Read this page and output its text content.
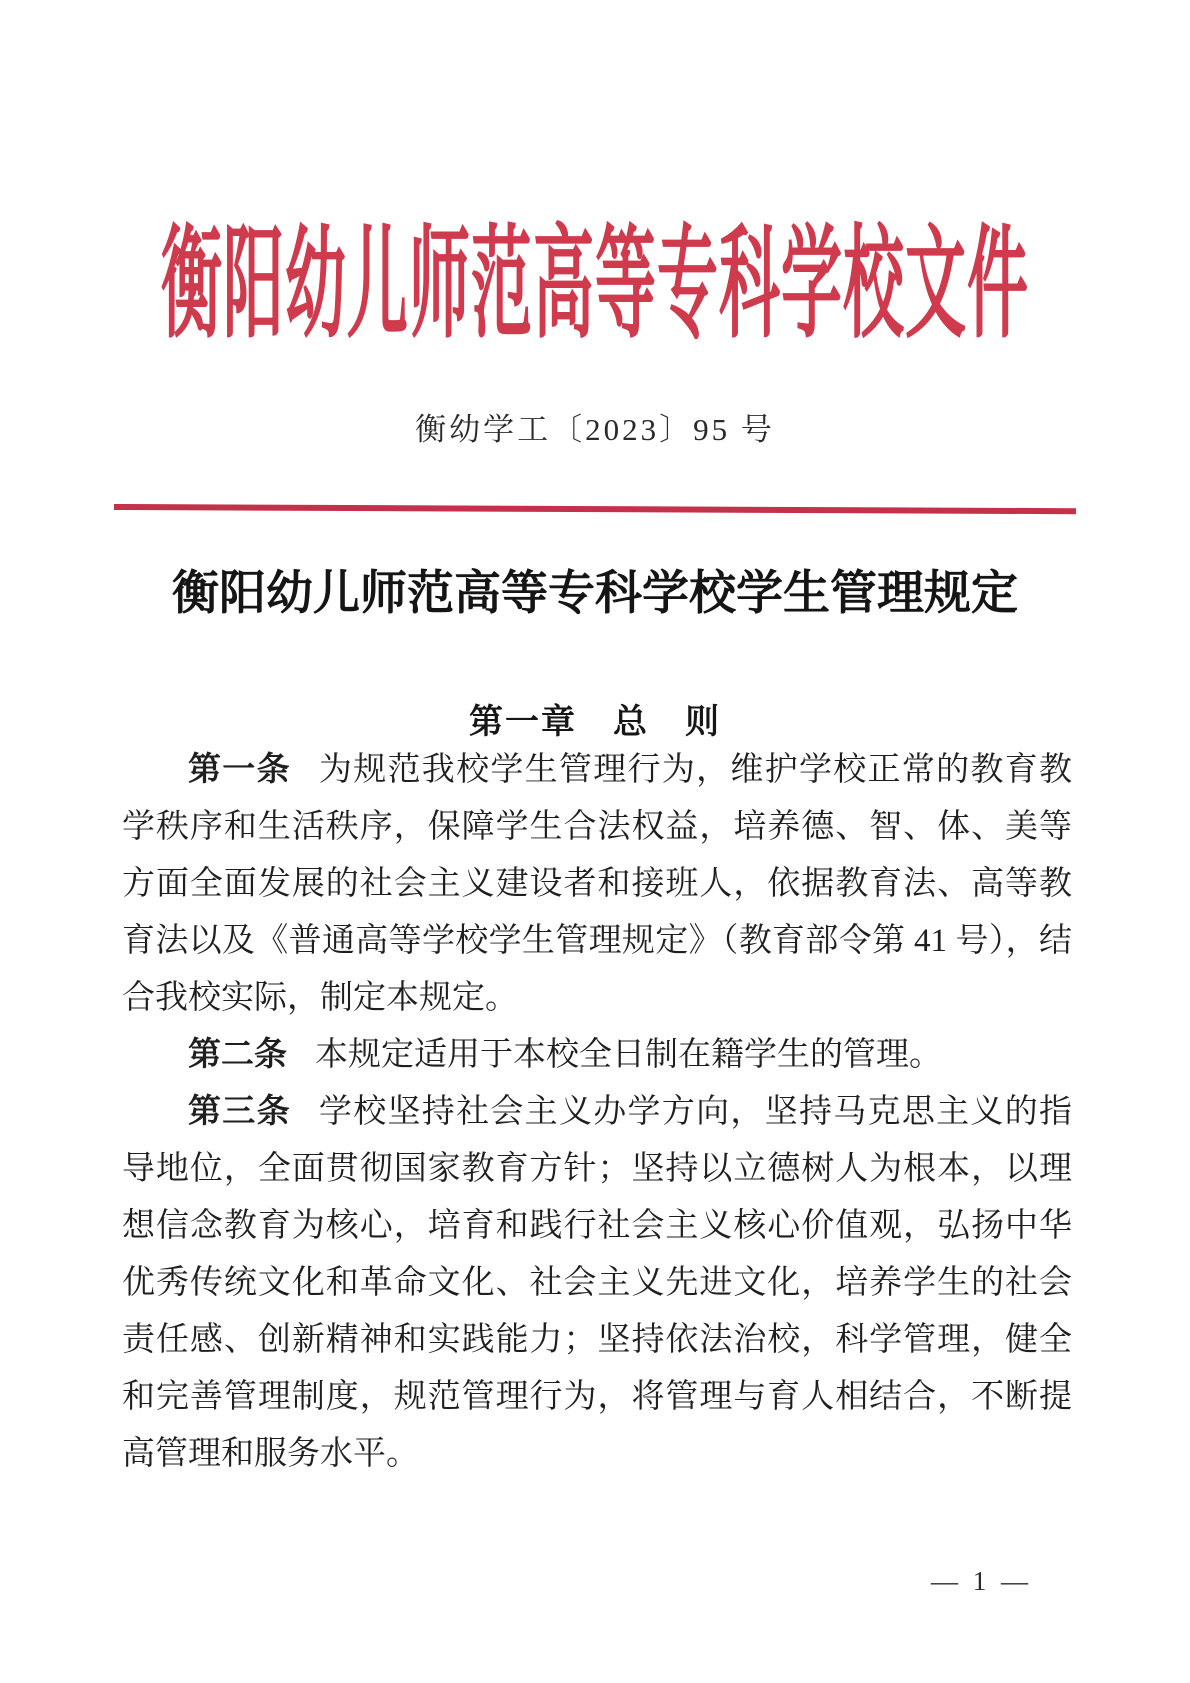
衡阳幼儿师范高等专科学校文件
衡幼学工〔2023〕95 号
衡阳幼儿师范高等专科学校学生管理规定
第一章　总　则

第一条 为规范我校学生管理行为，维护学校正常的教育教学秩序和生活秩序，保障学生合法权益，培养德、智、体、美等方面全面发展的社会主义建设者和接班人，依据教育法、高等教育法以及《普通高等学校学生管理规定》（教育部令第 41 号），结合我校实际，制定本规定。

第二条 本规定适用于本校全日制在籍学生的管理。

第三条 学校坚持社会主义办学方向，坚持马克思主义的指导地位，全面贯彻国家教育方针；坚持以立德树人为根本，以理想信念教育为核心，培育和践行社会主义核心价值观，弘扬中华优秀传统文化和革命文化、社会主义先进文化，培养学生的社会责任感、创新精神和实践能力；坚持依法治校，科学管理，健全和完善管理制度，规范管理行为，将管理与育人相结合，不断提高管理和服务水平。

— 1 —
